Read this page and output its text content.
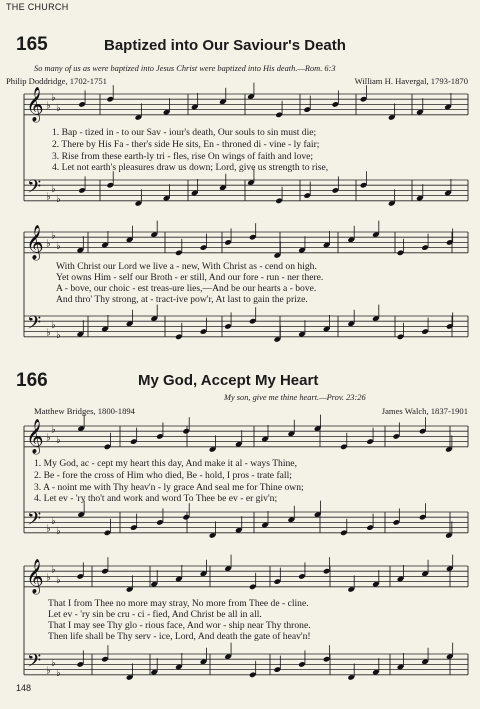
THE CHURCH
165	Baptized into Our Saviour's Death
So many of us as were baptized into Jesus Christ were baptized into His death.—Rom. 6:3
Philip Doddridge, 1702-1751	William H. Havergal, 1793-1870
166	My God, Accept My Heart
My son, give me thine heart.—Prov. 23:26
Matthew Bridges, 1800-1894	James Walch, 1837-1901
𝄞
𝄢
♭
♭
♭
♭
♭
♭
𝄞
𝄢
♭
♭
♭
♭
♭
♭
𝄞
𝄢
♭
♭
♭
♭
♭
♭
𝄞
𝄢
♭
♭
♭
♭
♭
♭
1. Bap - tized in - to our Sav - iour's death, Our souls to sin must die;
2. There by His Fa - ther's side He sits, En - throned di - vine - ly fair;
3. Rise from these earth-ly tri - fles, rise On wings of faith and love;
4. Let not earth's pleasures draw us down; Lord, give us strength to rise,
With Christ our Lord we live a - new, With Christ as - cend on high.
Yet owns Him - self our Broth - er still, And our fore - run - ner there.
A - bove, our choic - est treas-ure lies,—And be our hearts a - bove.
And thro' Thy strong, at - tract-ive pow'r, At last to gain the prize.
1. My God, ac - cept my heart this day, And make it al - ways Thine,
2. Be - fore the cross of Him who died, Be - hold, I pros - trate fall;
3. A - noint me with Thy heav'n - ly grace And seal me for Thine own;
4. Let ev - 'ry tho't and work and word To Thee be ev - er giv'n;
That I from Thee no more may stray, No more from Thee de - cline.
Let ev - 'ry sin be cru - ci - fied, And Christ be all in all.
That I may see Thy glo - rious face, And wor - ship near Thy throne.
Then life shall be Thy serv - ice, Lord, And death the gate of heav'n!
148
